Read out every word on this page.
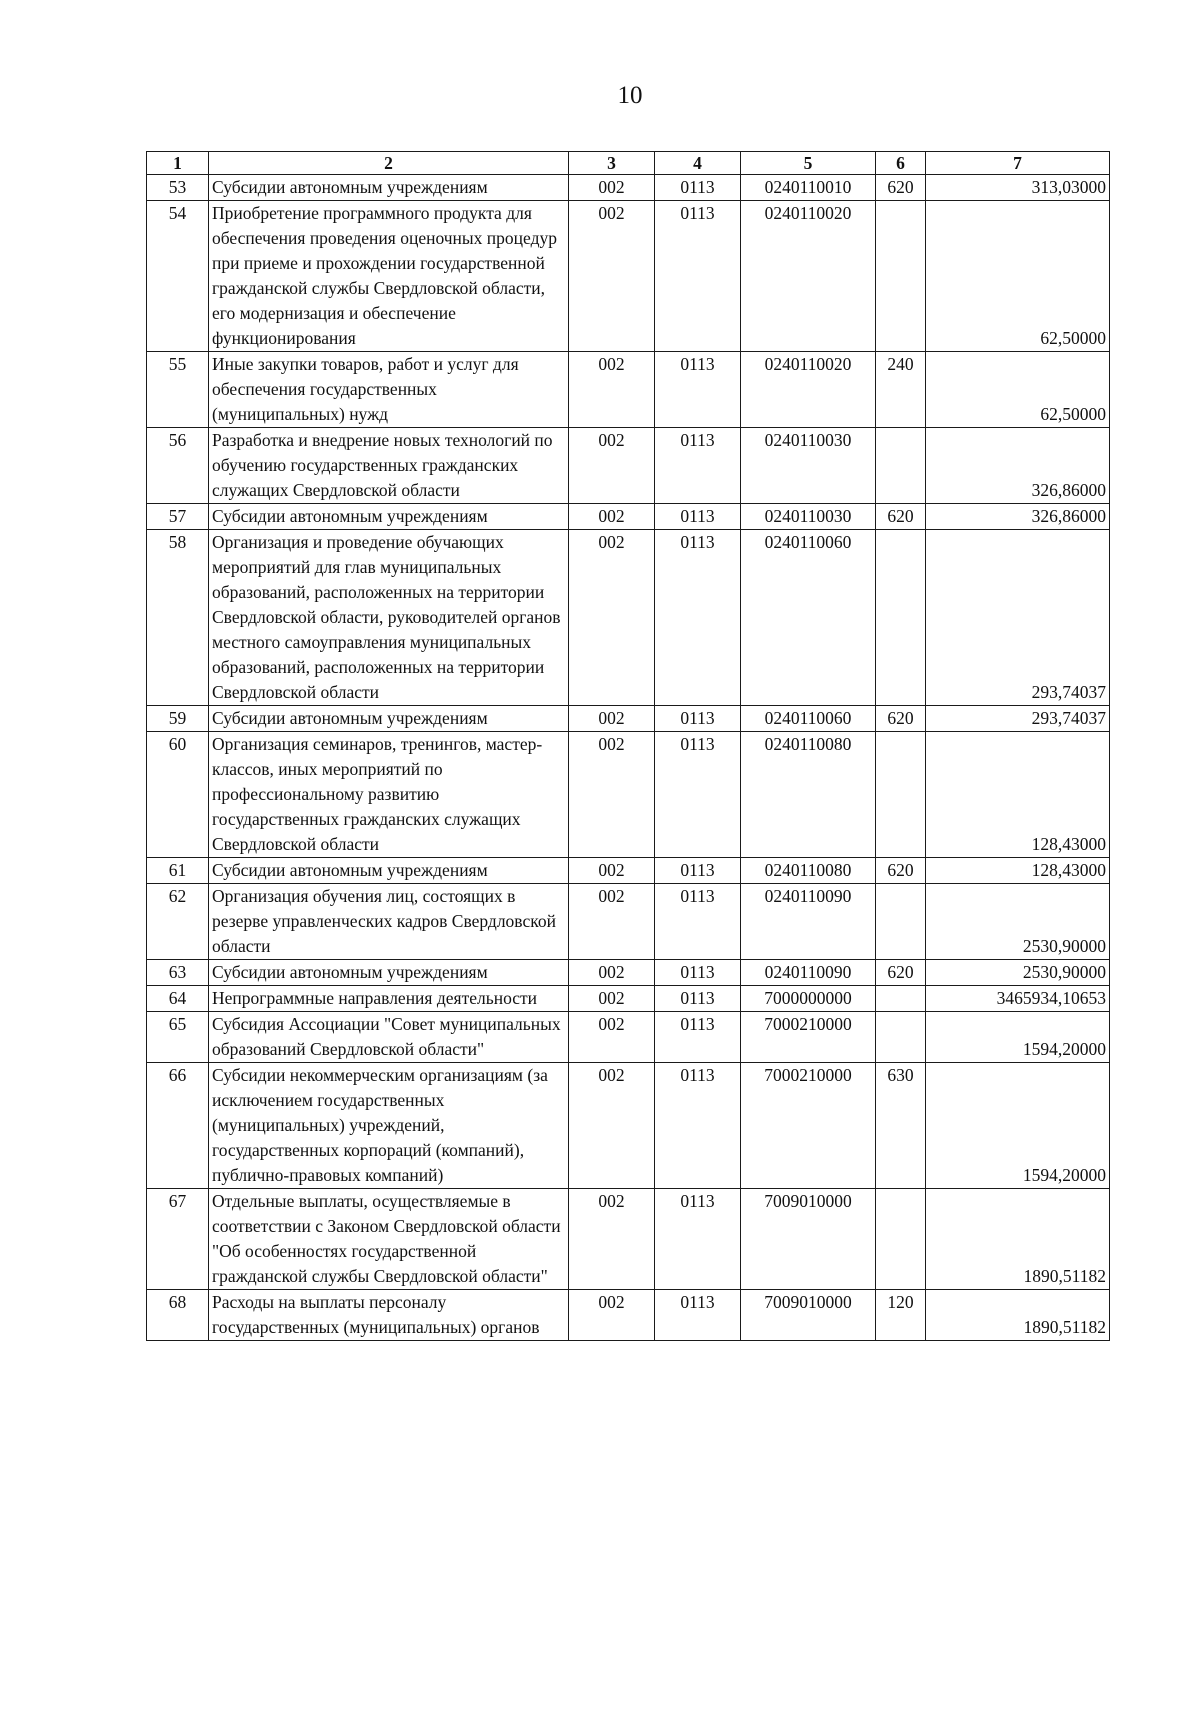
10
1	2	3	4	5	6	7
53	Субсидии автономным учреждениям	002	0113	0240110010	620	313,03000
54	Приобретение программного продукта для обеспечения проведения оценочных процедур при приеме и прохождении государственной гражданской службы Свердловской области, его модернизация и обеспечение функционирования	002	0113	0240110020		62,50000
55	Иные закупки товаров, работ и услуг для обеспечения государственных (муниципальных) нужд	002	0113	0240110020	240	62,50000
56	Разработка и внедрение новых технологий по обучению государственных гражданских служащих Свердловской области	002	0113	0240110030		326,86000
57	Субсидии автономным учреждениям	002	0113	0240110030	620	326,86000
58	Организация и проведение обучающих мероприятий для глав муниципальных образований, расположенных на территории Свердловской области, руководителей органов местного самоуправления муниципальных образований, расположенных на территории Свердловской области	002	0113	0240110060		293,74037
59	Субсидии автономным учреждениям	002	0113	0240110060	620	293,74037
60	Организация семинаров, тренингов, мастер-классов, иных мероприятий по профессиональному развитию государственных гражданских служащих Свердловской области	002	0113	0240110080		128,43000
61	Субсидии автономным учреждениям	002	0113	0240110080	620	128,43000
62	Организация обучения лиц, состоящих в резерве управленческих кадров Свердловской области	002	0113	0240110090		2530,90000
63	Субсидии автономным учреждениям	002	0113	0240110090	620	2530,90000
64	Непрограммные направления деятельности	002	0113	7000000000		3465934,10653
65	Субсидия Ассоциации "Совет муниципальных образований Свердловской области"	002	0113	7000210000		1594,20000
66	Субсидии некоммерческим организациям (за исключением государственных (муниципальных) учреждений, государственных корпораций (компаний), публично-правовых компаний)	002	0113	7000210000	630	1594,20000
67	Отдельные выплаты, осуществляемые в соответствии с Законом Свердловской области "Об особенностях государственной гражданской службы Свердловской области"	002	0113	7009010000		1890,51182
68	Расходы на выплаты персоналу государственных (муниципальных) органов	002	0113	7009010000	120	1890,51182
